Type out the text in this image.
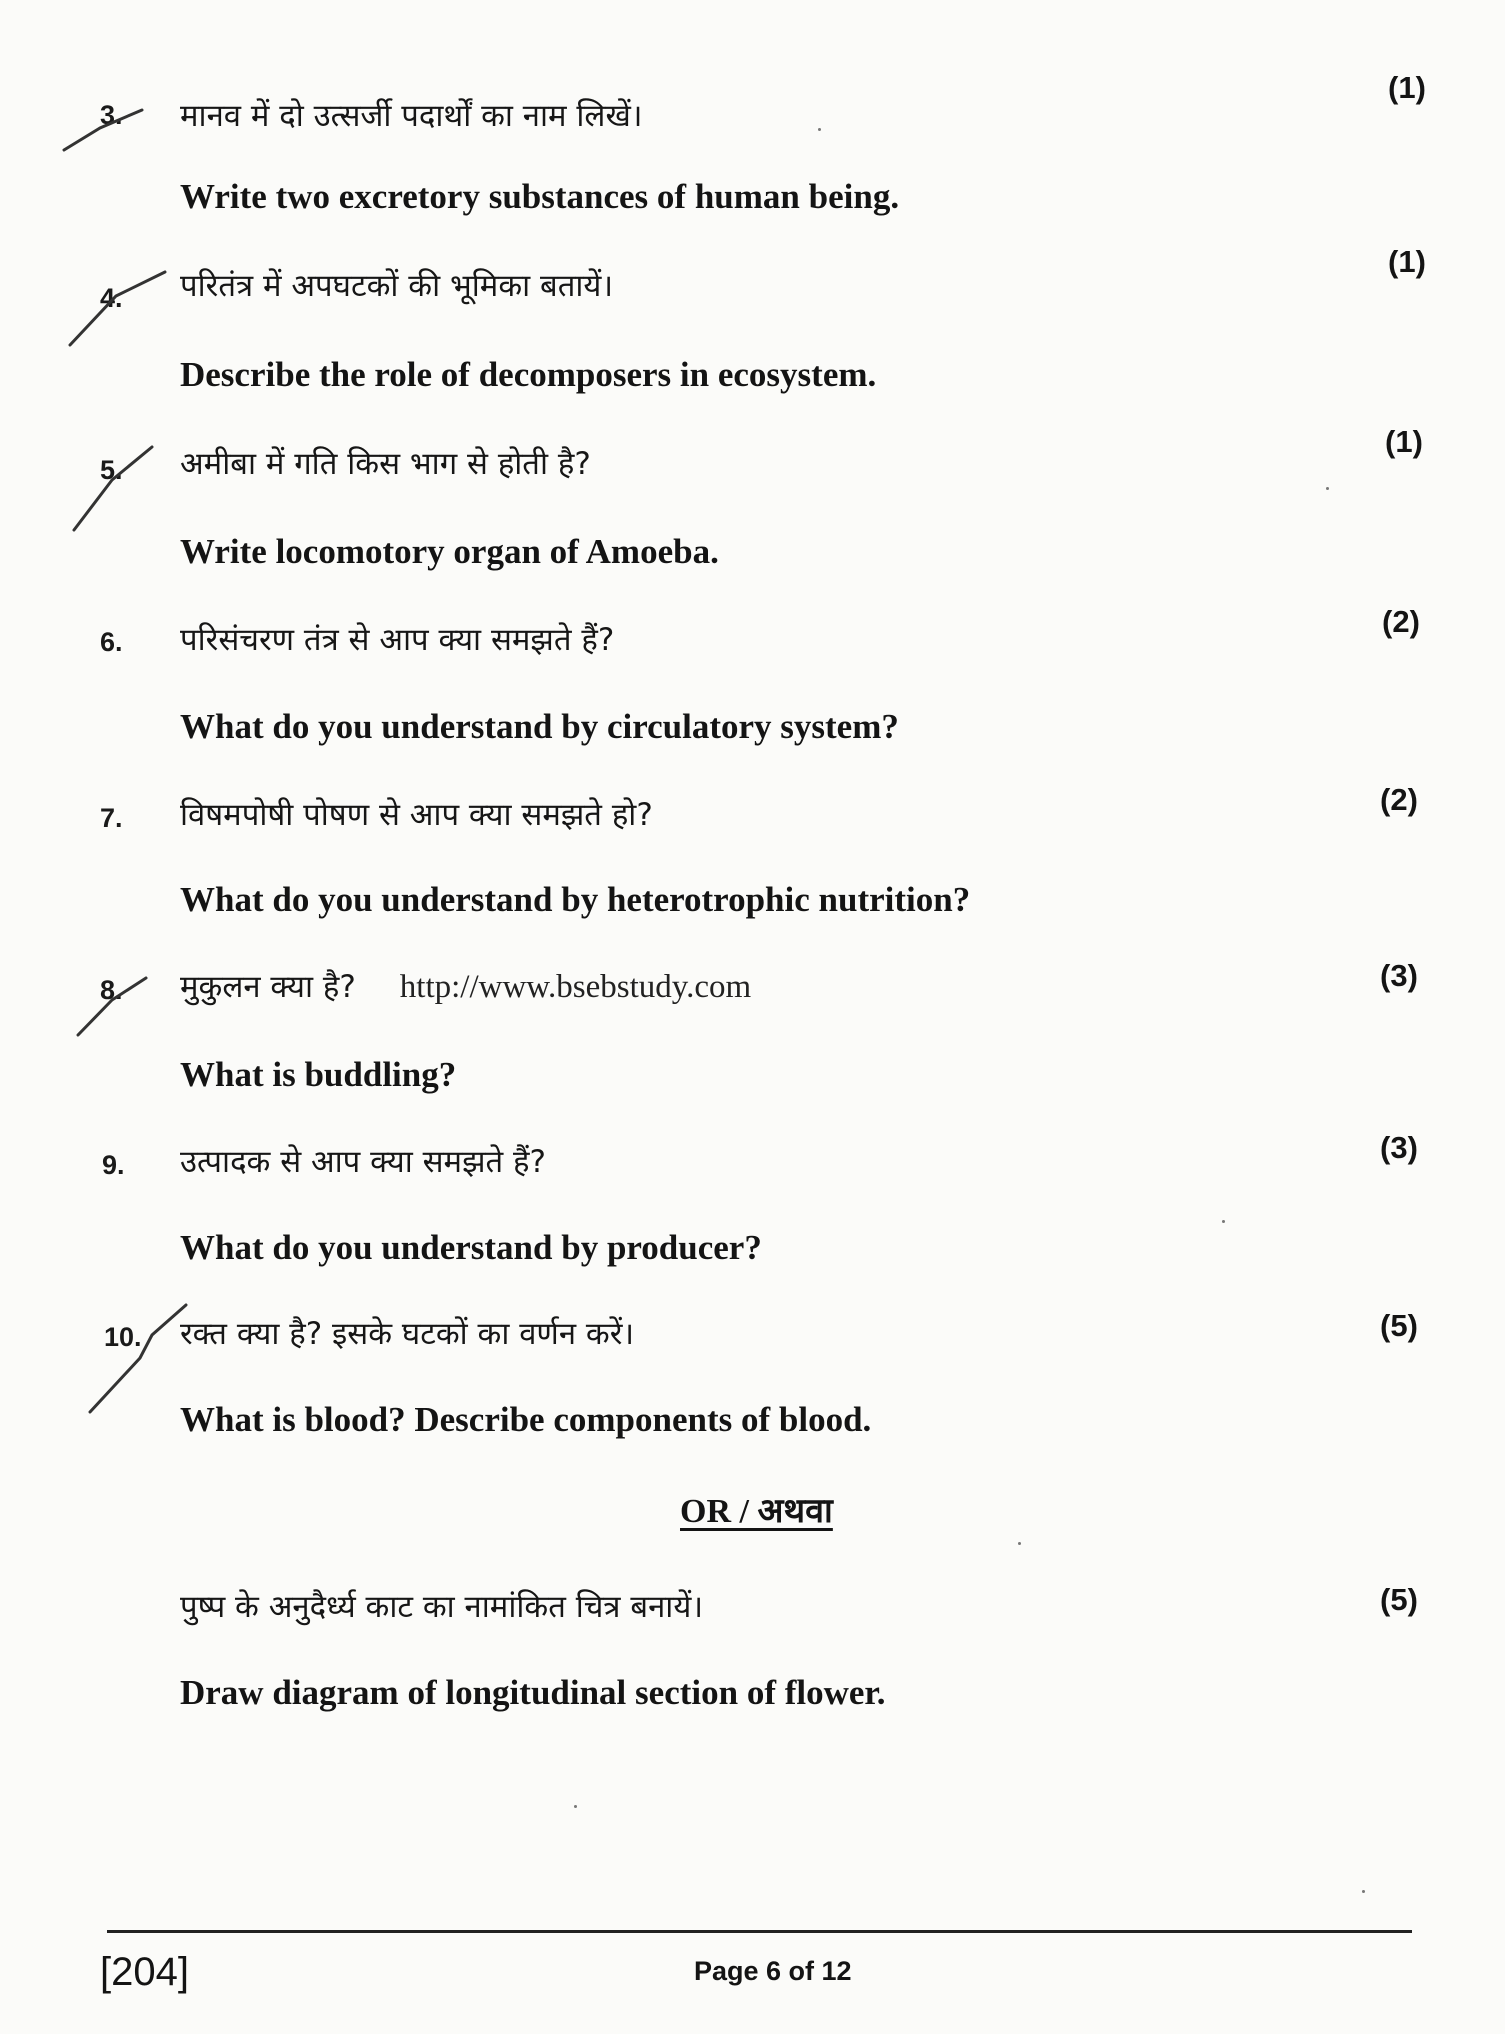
3. मानव में दो उत्सर्जी पदार्थों का नाम लिखें।
(1)
Write two excretory substances of human being.
4. परितंत्र में अपघटकों की भूमिका बतायें।
(1)
Describe the role of decomposers in ecosystem.
5. अमीबा में गति किस भाग से होती है?
(1)
Write locomotory organ of Amoeba.
6. परिसंचरण तंत्र से आप क्या समझते हैं?
(2)
What do you understand by circulatory system?
7. विषमपोषी पोषण से आप क्या समझते हो?	(2)
What do you understand by heterotrophic nutrition?
8. मुकुलन क्या है? http://www.bsebstudy.com	(3)
What is buddling?
9. उत्पादक से आप क्या समझते हैं?	(3)
What do you understand by producer?
10. रक्त क्या है? इसके घटकों का वर्णन करें।	(5)
What is blood? Describe components of blood.
OR / अथवा
पुष्प के अनुदैर्ध्य काट का नामांकित चित्र बनायें।	(5)
Draw diagram of longitudinal section of flower.
[204]	Page 6 of 12
